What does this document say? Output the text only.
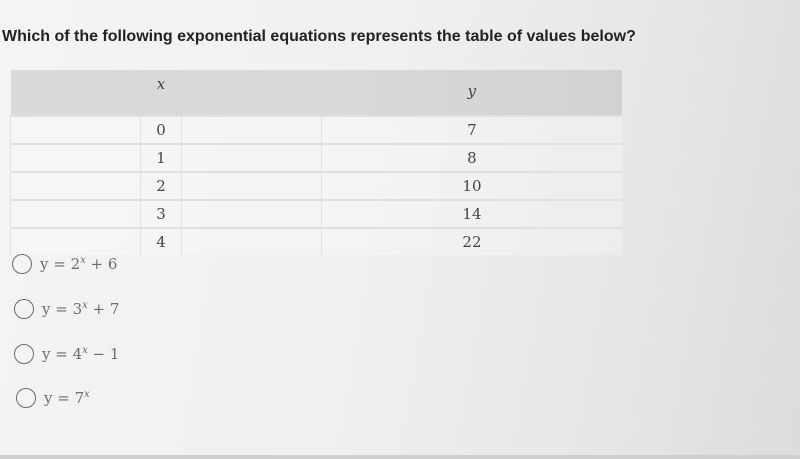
Which of the following exponential equations represents the table of values below?
	x		y
	0		7
	1		8
	2		10
	3		14
	4		22
$y = 2^x + 6$
$y = 3^x + 7$
$y = 4^x - 1$
$y = 7^x$
